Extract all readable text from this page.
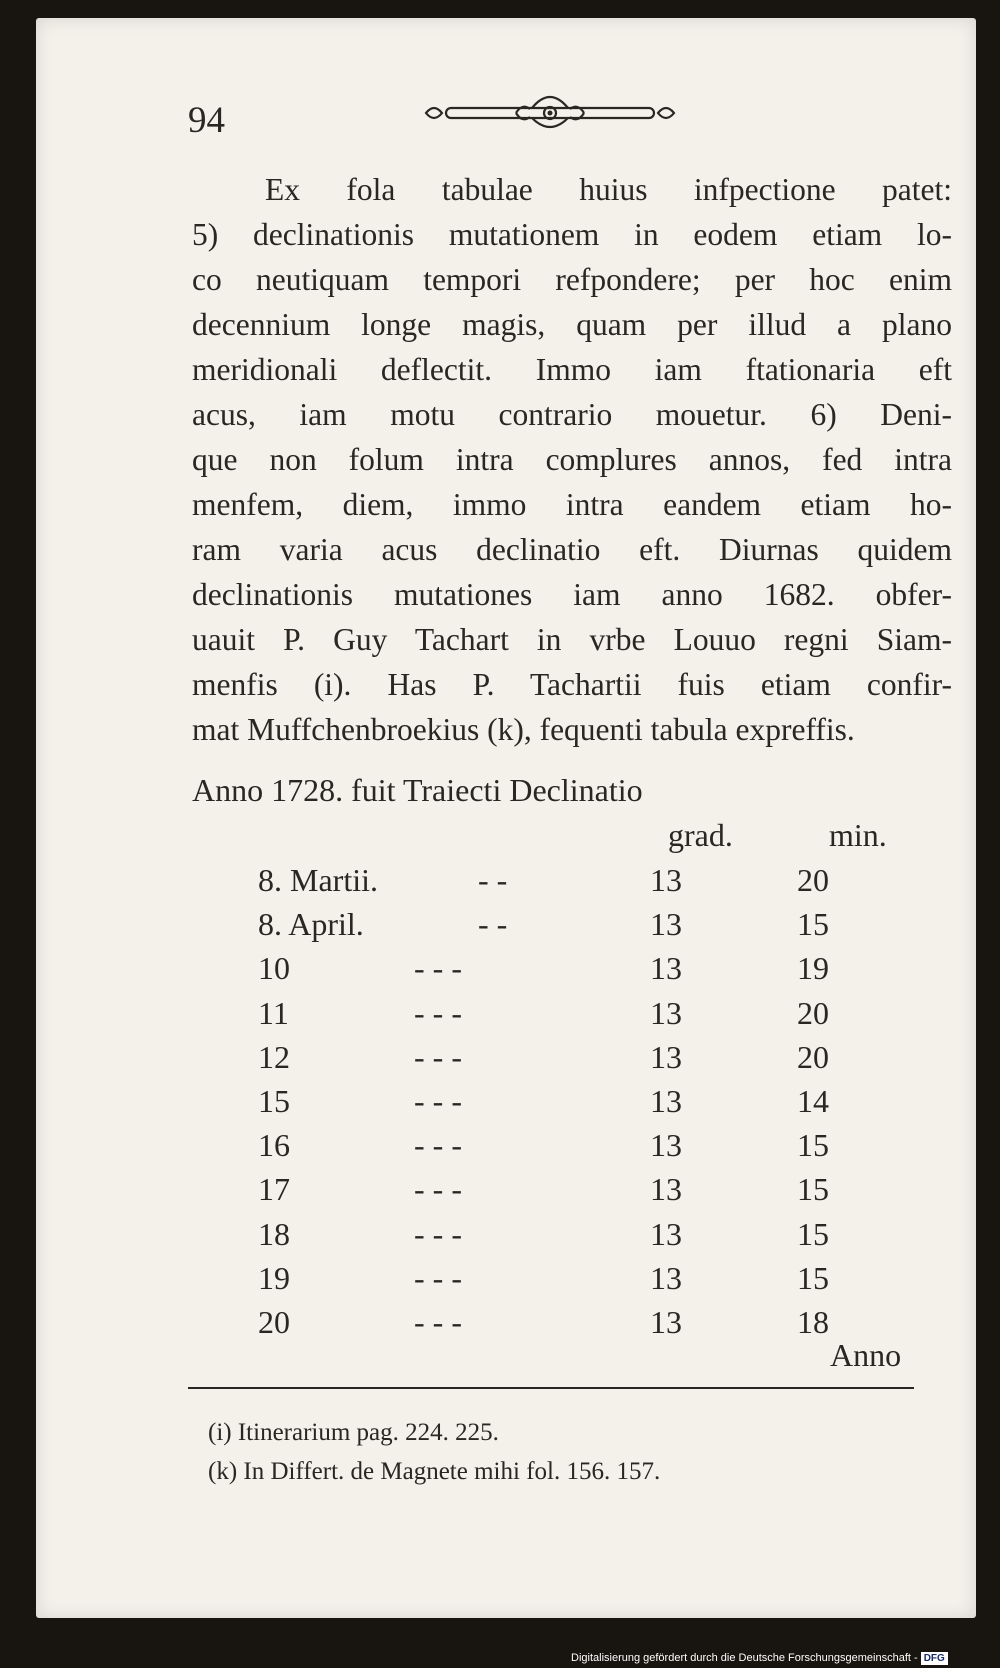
94
Ex fola tabulae huius infpectione patet:
5) declinationis mutationem in eodem etiam lo-
co neutiquam tempori refpondere; per hoc enim
decennium longe magis, quam per illud a plano
meridionali deflectit. Immo iam ftationaria eft
acus, iam motu contrario mouetur. 6) Deni-
que non folum intra complures annos, fed intra
menfem, diem, immo intra eandem etiam ho-
ram varia acus declinatio eft. Diurnas quidem
declinationis mutationes iam anno 1682. obfer-
uauit P. Guy Tachart in vrbe Louuo regni Siam-
menfis (i). Has P. Tachartii fuis etiam confir-
mat Muffchenbroekius (k), fequenti tabula expreffis.
Anno 1728. fuit Traiecti Declinatio
grad.	min.
8. Martii.	- -	13	20
8. April.	- -	13	15
10	- - -	13	19
11	- - -	13	20
12	- - -	13	20
15	- - -	13	14
16	- - -	13	15
17	- - -	13	15
18	- - -	13	15
19	- - -	13	15
20	- - -	13	18
Anno
(i) Itinerarium pag. 224. 225.
(k) In Differt. de Magnete mihi fol. 156. 157.
Digitalisierung gefördert durch die Deutsche Forschungsgemeinschaft - DFG
